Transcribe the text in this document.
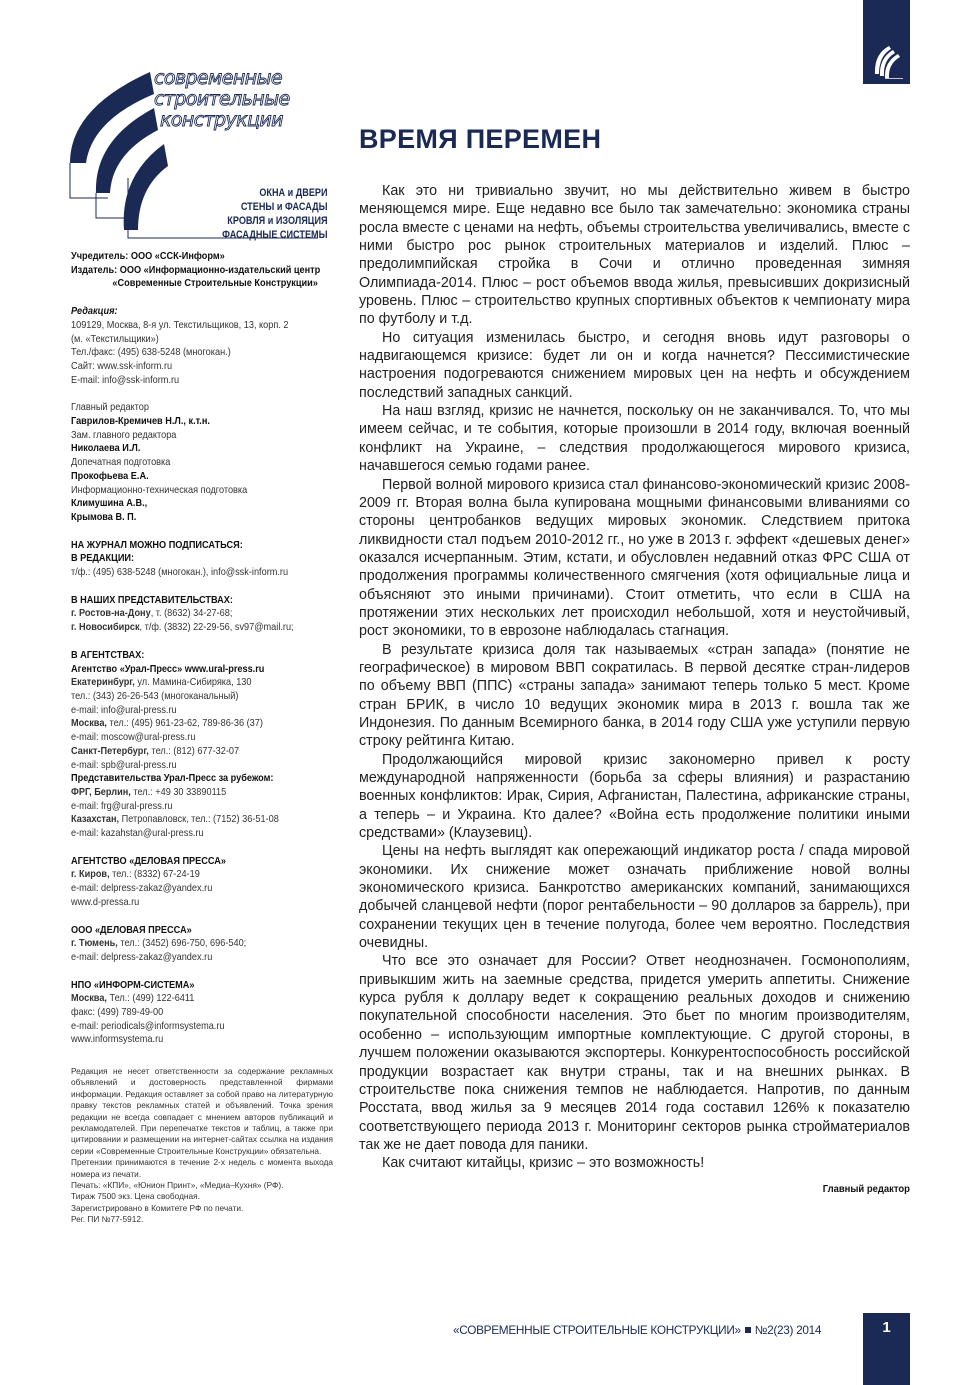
современные
строительные
конструкции
ОКНА и ДВЕРИ
СТЕНЫ и ФАСАДЫ
КРОВЛЯ и ИЗОЛЯЦИЯ
ФАСАДНЫЕ СИСТЕМЫ
Учредитель: ООО «ССК-Информ»
Издатель: ООО «Информационно-издательский центр
«Современные Строительные Конструкции»
Редакция:
109129, Москва, 8-я ул. Текстильщиков, 13, корп. 2
(м. «Текстильщики»)
Тел./факс: (495) 638-5248 (многокан.)
Сайт: www.ssk-inform.ru
E-mail: info@ssk-inform.ru
Главный редактор
Гаврилов-Кремичев Н.Л., к.т.н.
Зам. главного редактора
Николаева И.Л.
Допечатная подготовка
Прокофьева Е.А.
Информационно-техническая подготовка
Климушина А.В.,
Крымова В. П.
НА ЖУРНАЛ МОЖНО ПОДПИСАТЬСЯ:
В РЕДАКЦИИ:
т/ф.: (495) 638-5248 (многокан.), info@ssk-inform.ru
В НАШИХ ПРЕДСТАВИТЕЛЬСТВАХ:
г. Ростов-на-Дону, т. (8632) 34-27-68;
г. Новосибирск, т/ф. (3832) 22-29-56, sv97@mail.ru;
В АГЕНТСТВАХ:
Агентство «Урал-Пресс» www.ural-press.ru
Екатеринбург, ул. Мамина-Сибиряка, 130
тел.: (343) 26-26-543 (многоканальный)
e-mail: info@ural-press.ru
Москва, тел.: (495) 961-23-62, 789-86-36 (37)
e-mail: moscow@ural-press.ru
Санкт-Петербург, тел.: (812) 677-32-07
e-mail: spb@ural-press.ru
Представительства Урал-Пресс за рубежом:
ФРГ, Берлин, тел.: +49 30 33890115
e-mail: frg@ural-press.ru
Казахстан, Петропавловск, тел.: (7152) 36-51-08
e-mail: kazahstan@ural-press.ru
АГЕНТСТВО «ДЕЛОВАЯ ПРЕССА»
г. Киров, тел.: (8332) 67-24-19
e-mail: delpress-zakaz@yandex.ru
www.d-pressa.ru
ООО «ДЕЛОВАЯ ПРЕССА»
г. Тюмень, тел.: (3452) 696-750, 696-540;
e-mail: delpress-zakaz@yandex.ru
НПО «ИНФОРМ-СИСТЕМА»
Москва, Тел.: (499) 122-6411
факс: (499) 789-49-00
e-mail: periodicals@informsystema.ru
www.informsystema.ru

Редакция не несет ответственности за содержание рекламных объявлений и достоверность представленной фирмами информации. Редакция оставляет за собой право на литературную правку текстов рекламных статей и объявлений. Точка зрения редакции не всегда совпадает с мнением авторов публикаций и рекламодателей. При перепечатке текстов и таблиц, а также при цитировании и размещении на интернет-сайтах ссылка на издания серии «Современные Строительные Конструкции» обязательна.

Претензии принимаются в течение 2-х недель с момента выхода номера из печати.

Печать: «КПИ», «Юнион Принт», «Медиа–Кухня» (РФ).

Тираж 7500 экз. Цена свободная.

Зарегистрировано в Комитете РФ по печати.

Рег. ПИ №77-5912.

ВРЕМЯ ПЕРЕМЕН

Как это ни тривиально звучит, но мы действительно живем в быстро меняющемся мире. Еще недавно все было так замечательно: экономика страны росла вместе с ценами на нефть, объемы строительства увеличивались, вместе с ними быстро рос рынок строительных материалов и изделий. Плюс – предолимпийская стройка в Сочи и отлично проведенная зимняя Олимпиада-2014. Плюс – рост объемов ввода жилья, превысивших докризисный уровень. Плюс – строительство крупных спортивных объектов к чемпионату мира по футболу и т.д.

Но ситуация изменилась быстро, и сегодня вновь идут разговоры о надвигающемся кризисе: будет ли он и когда начнется? Пессимистические настроения подогреваются снижением мировых цен на нефть и обсуждением последствий западных санкций.

На наш взгляд, кризис не начнется, поскольку он не заканчивался. То, что мы имеем сейчас, и те события, которые произошли в 2014 году, включая военный конфликт на Украине, – следствия продолжающегося мирового кризиса, начавшегося семью годами ранее.

Первой волной мирового кризиса стал финансово-экономический кризис 2008-2009 гг. Вторая волна была купирована мощными финансовыми вливаниями со стороны центробанков ведущих мировых экономик. Следствием притока ликвидности стал подъем 2010-2012 гг., но уже в 2013 г. эффект «дешевых денег» оказался исчерпанным. Этим, кстати, и обусловлен недавний отказ ФРС США от продолжения программы количественного смягчения (хотя официальные лица и объясняют это иными причинами). Стоит отметить, что если в США на протяжении этих нескольких лет происходил небольшой, хотя и неустойчивый, рост экономики, то в еврозоне наблюдалась стагнация.

В результате кризиса доля так называемых «стран запада» (понятие не географическое) в мировом ВВП сократилась. В первой десятке стран-лидеров по объему ВВП (ППС) «страны запада» занимают теперь только 5 мест. Кроме стран БРИК, в число 10 ведущих экономик мира в 2013 г. вошла так же Индонезия. По данным Всемирного банка, в 2014 году США уже уступили первую строку рейтинга Китаю.

Продолжающийся мировой кризис закономерно привел к росту международной напряженности (борьба за сферы влияния) и разрастанию военных конфликтов: Ирак, Сирия, Афганистан, Палестина, африканские страны, а теперь – и Украина. Кто далее? «Война есть продолжение политики иными средствами» (Клаузевиц).

Цены на нефть выглядят как опережающий индикатор роста / спада мировой экономики. Их снижение может означать приближение новой волны экономического кризиса. Банкротство американских компаний, занимающихся добычей сланцевой нефти (порог рентабельности – 90 долларов за баррель), при сохранении текущих цен в течение полугода, более чем вероятно. Последствия очевидны.

Что все это означает для России? Ответ неоднозначен. Госмонополиям, привыкшим жить на заемные средства, придется умерить аппетиты. Снижение курса рубля к доллару ведет к сокращению реальных доходов и снижению покупательной способности населения. Это бьет по многим производителям, особенно – использующим импортные комплектующие. С другой стороны, в лучшем положении оказываются экспортеры. Конкурентоспособность российской продукции возрастает как внутри страны, так и на внешних рынках. В строительстве пока снижения темпов не наблюдается. Напротив, по данным Росстата, ввод жилья за 9 месяцев 2014 года составил 126% к показателю соответствующего периода 2013 г. Мониторинг секторов рынка стройматериалов так же не дает повода для паники.

Как считают китайцы, кризис – это возможность!

Главный редактор
«СОВРЕМЕННЫЕ СТРОИТЕЛЬНЫЕ КОНСТРУКЦИИ» №2(23) 2014	1
